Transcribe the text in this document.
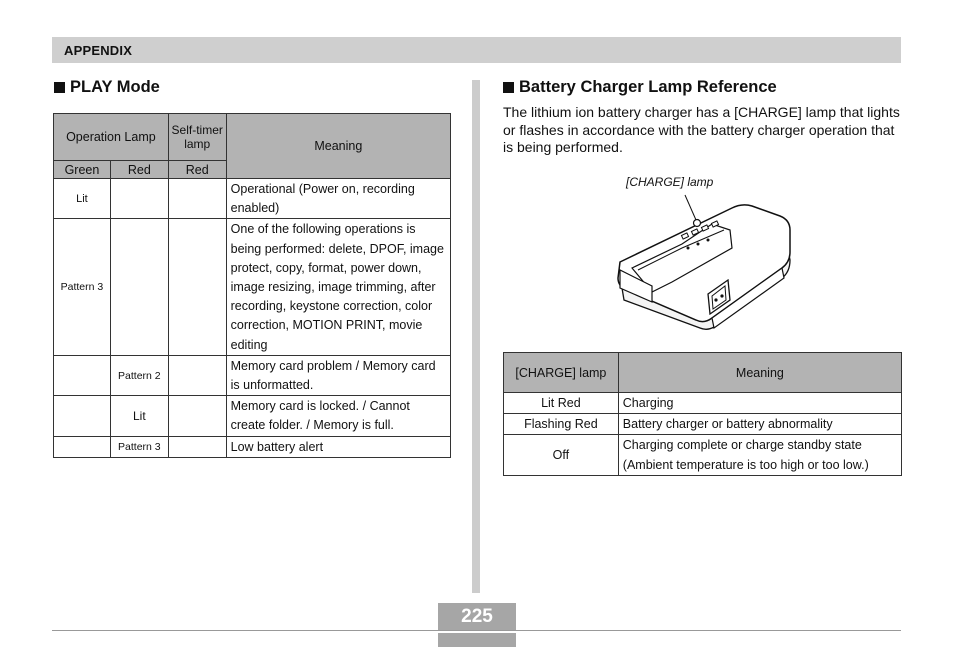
APPENDIX
PLAY Mode
Operation Lamp		Self-timer lamp	Meaning
Green	Red	Red	
Lit			Operational (Power on, recording enabled)
Pattern 3			One of the following operations is being performed: delete, DPOF, image protect, copy, format, power down, image resizing, image trimming, after recording, keystone correction, color correction, MOTION PRINT, movie editing
	Pattern 2		Memory card problem / Memory card is unformatted.
	Lit		Memory card is locked. / Cannot create folder. / Memory is full.
	Pattern 3		Low battery alert
Battery Charger Lamp Reference
The lithium ion battery charger has a [CHARGE] lamp that lights or flashes in accordance with the battery charger operation that is being performed.
[CHARGE] lamp
[CHARGE] lamp	Meaning
Lit Red	Charging
Flashing Red	Battery charger or battery abnormality
Off	Charging complete or charge standby state (Ambient temperature is too high or too low.)
225
